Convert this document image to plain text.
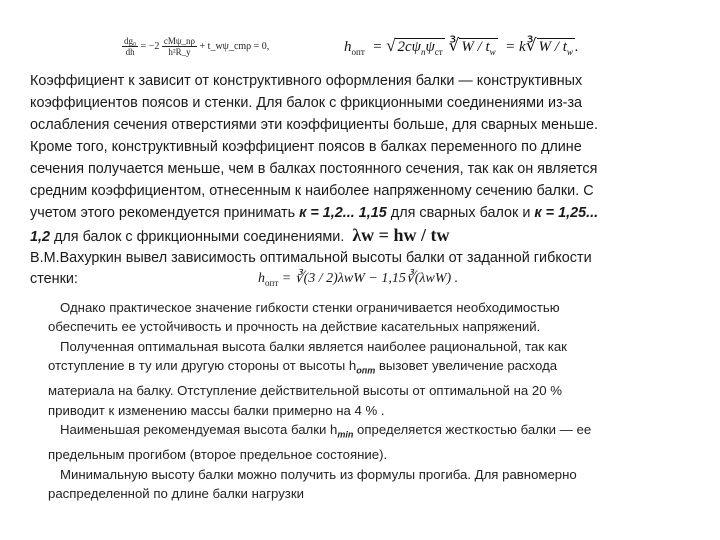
$\frac{\text{dg₀}}{dh} = -2 \frac{\text{cMψ\_nρ}}{\text{h²R\_y}}$ + t_wψ_cmρ = 0,	$h_{опт}$  = √ $2c\psi_n\psi_{ст}$ ∛ W / $t_w$ = k∛ W / $t_w$ .
Коэффициент к зависит от конструктивного оформления балки — конструктивных
коэффициентов поясов и стенки. Для балок с фрикционными соединениями из-за
ослабления сечения отверстиями эти коэффициенты больше, для сварных меньше.
Кроме того, конструктивный коэффициент поясов в балках переменного по длине
сечения получается меньше, чем в балках постоянного сечения, так как он является
средним коэффициентом, отнесенным к наиболее напряженному сечению балки. С
учетом этого рекомендуется принимать к = 1,2... 1,15 для сварных балок и к = 1,25...
1,2 для балок с фрикционными соединениями. λw = hw / tw
В.М.Вахуркин вывел зависимость оптимальной высоты балки от заданной гибкости
стенки:	$h_{опт}$ = ∛(3 / 2)λwW − 1,15∛(λwW) .
Однако практическое значение гибкости стенки ограничивается необходимостью
обеспечить ее устойчивость и прочность на действие касательных напряжений.
Полученная оптимальная высота балки является наиболее рациональной, так как
отступление в ту или другую стороны от высоты $h_{опт}$ вызовет увеличение расхода
материала на балку. Отступление действительной высоты от оптимальной на 20 %
приводит к изменению массы балки примерно на 4 % .
Наименьшая рекомендуемая высота балки $h_{min}$ определяется жесткостью балки — ее
предельным прогибом (второе предельное состояние).
Минимальную высоту балки можно получить из формулы прогиба. Для равномерно
распределенной по длине балки нагрузки
